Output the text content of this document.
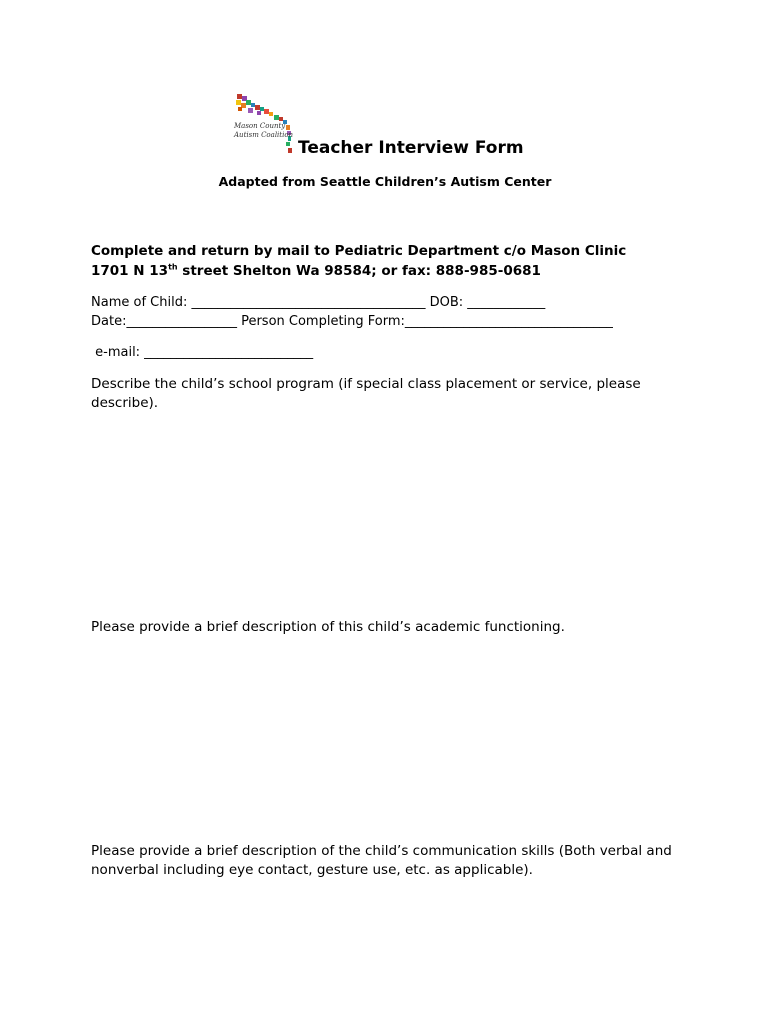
Mason County
Autism Coalition
Teacher Interview Form
Adapted from Seattle Children’s Autism Center
Complete and return by mail to Pediatric Department c/o Mason Clinic
1701 N 13th street Shelton Wa 98584; or fax: 888-985-0681
Name of Child: ____________________________________ DOB: ____________
Date:_________________ Person Completing Form:________________________________
e-mail: __________________________
Describe the child’s school program (if special class placement or service, please describe).
Please provide a brief description of this child’s academic functioning.
Please provide a brief description of the child’s communication skills (Both verbal and nonverbal including eye contact, gesture use, etc. as applicable).
